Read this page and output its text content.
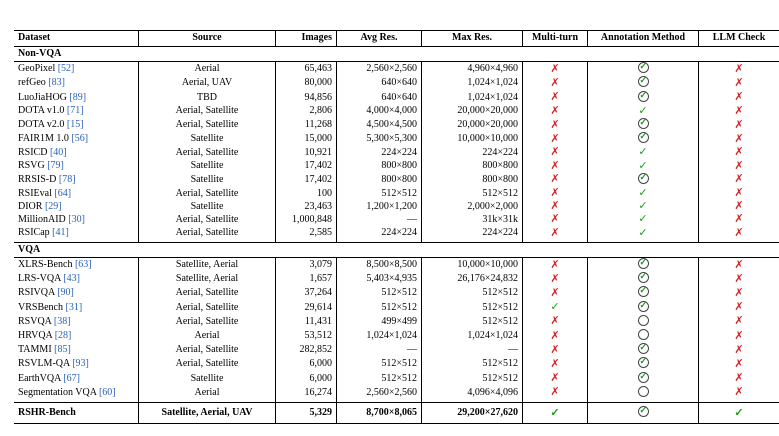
Dataset	Source	Images	Avg Res.	Max Res.	Multi-turn	Annotation Method	LLM Check
Non-VQA							
GeoPixel [52]	Aerial	65,463	2,560×2,560	4,960×4,960	✗	✓	✗
refGeo [83]	Aerial, UAV	80,000	640×640	1,024×1,024	✗	✓	✗
LuoJiaHOG [89]	TBD	94,856	640×640	1,024×1,024	✗	✓	✗
DOTA v1.0 [71]	Aerial, Satellite	2,806	4,000×4,000	20,000×20,000	✗	✓	✗
DOTA v2.0 [15]	Aerial, Satellite	11,268	4,500×4,500	20,000×20,000	✗	✓	✗
FAIR1M 1.0 [56]	Satellite	15,000	5,300×5,300	10,000×10,000	✗	✓	✗
RSICD [40]	Aerial, Satellite	10,921	224×224	224×224	✗	✓	✗
RSVG [79]	Satellite	17,402	800×800	800×800	✗	✓	✗
RRSIS-D [78]	Satellite	17,402	800×800	800×800	✗	✓	✗
RSIEval [64]	Aerial, Satellite	100	512×512	512×512	✗	✓	✗
DIOR [29]	Satellite	23,463	1,200×1,200	2,000×2,000	✗	✓	✗
MillionAID [30]	Aerial, Satellite	1,000,848	—	31k×31k	✗	✓	✗
RSICap [41]	Aerial, Satellite	2,585	224×224	224×224	✗	✓	✗
VQA							
XLRS-Bench [63]	Satellite, Aerial	3,079	8,500×8,500	10,000×10,000	✗	✓	✗
LRS-VQA [43]	Satellite, Aerial	1,657	5,403×4,935	26,176×24,832	✗	✓	✗
RSIVQA [90]	Aerial, Satellite	37,264	512×512	512×512	✗	✓	✗
VRSBench [31]	Aerial, Satellite	29,614	512×512	512×512	✓	✓	✗
RSVQA [38]	Aerial, Satellite	11,431	499×499	512×512	✗		✗
HRVQA [28]	Aerial	53,512	1,024×1,024	1,024×1,024	✗		✗
TAMMI [85]	Aerial, Satellite	282,852	—	—	✗	✓	✗
RSVLM-QA [93]	Aerial, Satellite	6,000	512×512	512×512	✗	✓	✗
EarthVQA [67]	Satellite	6,000	512×512	512×512	✗	✓	✗
Segmentation VQA [60]	Aerial	16,274	2,560×2,560	4,096×4,096	✗		✗
RSHR-Bench	Satellite, Aerial, UAV	5,329	8,700×8,065	29,200×27,620	✓	✓	✓
